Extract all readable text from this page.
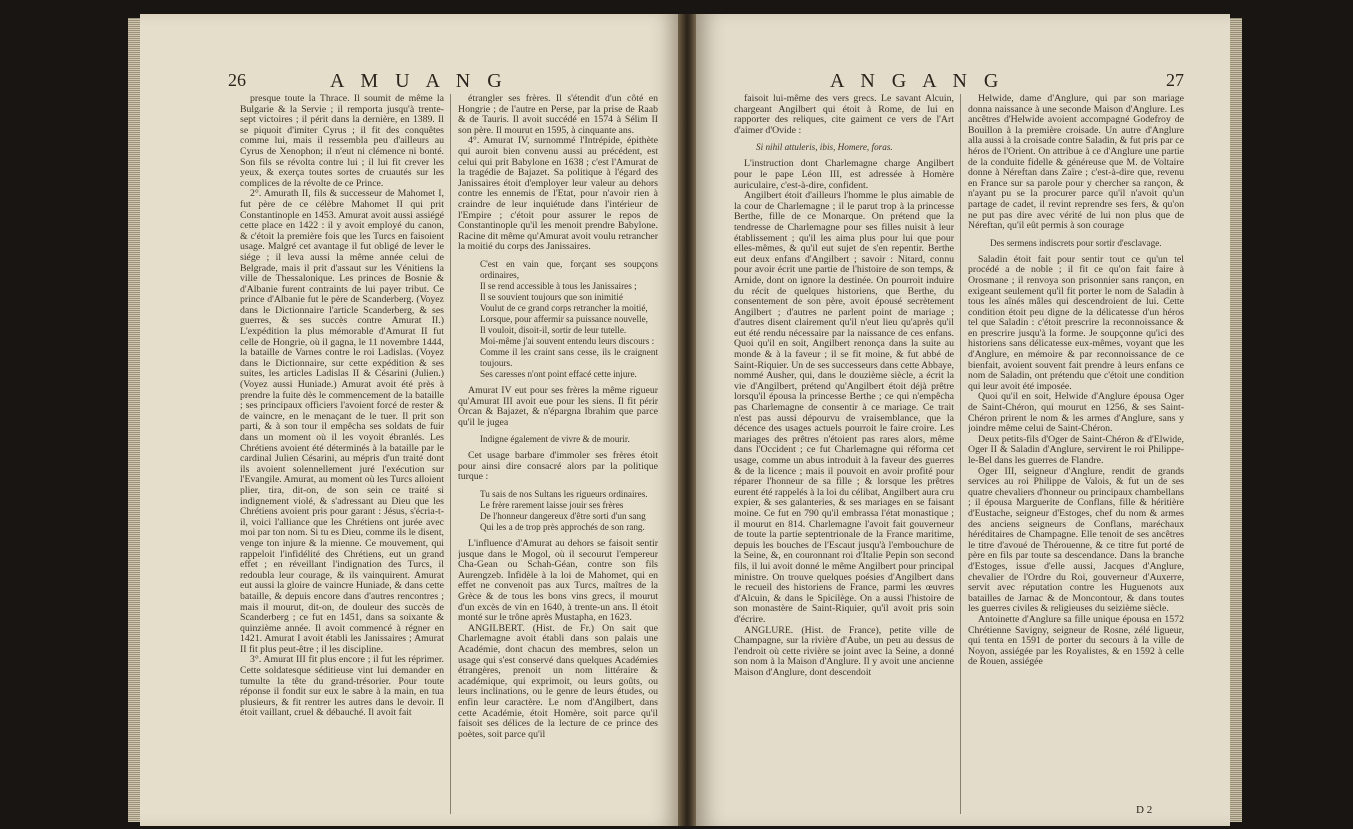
26	A M U A N G

presque toute la Thrace. Il soumit de même la Bulgarie & la Servie ; il remporta jusqu'à trente-sept victoires ; il périt dans la dernière, en 1389. Il se piquoit d'imiter Cyrus ; il fit des conquêtes comme lui, mais il ressembla peu d'ailleurs au Cyrus de Xenophon; il n'eut ni clémence ni bonté. Son fils se révolta contre lui ; il lui fit crever les yeux, & exerça toutes sortes de cruautés sur les complices de la révolte de ce Prince.

2°. Amurath II, fils & successeur de Mahomet I, fut père de ce célèbre Mahomet II qui prit Constantinople en 1453. Amurat avoit aussi assiégé cette place en 1422 : il y avoit employé du canon, & c'étoit la première fois que les Turcs en faisoient usage. Malgré cet avantage il fut obligé de lever le siége ; il leva aussi la même année celui de Belgrade, mais il prit d'assaut sur les Vénitiens la ville de Thessalonique. Les princes de Bosnie & d'Albanie furent contraints de lui payer tribut. Ce prince d'Albanie fut le père de Scanderberg. (Voyez dans le Dictionnaire l'article Scanderberg, & ses guerres, & ses succès contre Amurat II.) L'expédition la plus mémorable d'Amurat II fut celle de Hongrie, où il gagna, le 11 novembre 1444, la bataille de Varnes contre le roi Ladislas. (Voyez dans le Dictionnaire, sur cette expédition & ses suites, les articles Ladislas II & Césarini (Julien.) (Voyez aussi Huniade.) Amurat avoit été près à prendre la fuite dès le commencement de la bataille ; ses principaux officiers l'avoient forcé de rester & de vaincre, en le menaçant de le tuer. Il prit son parti, & à son tour il empêcha ses soldats de fuir dans un moment où il les voyoit ébranlés. Les Chrétiens avoient été déterminés à la bataille par le cardinal Julien Césarini, au mépris d'un traité dont ils avoient solennellement juré l'exécution sur l'Evangile. Amurat, au moment où les Turcs alloient plier, tira, dit-on, de son sein ce traité si indignement violé, & s'adressant au Dieu que les Chrétiens avoient pris pour garant : Jésus, s'écria-t-il, voici l'alliance que les Chrétiens ont jurée avec moi par ton nom. Si tu es Dieu, comme ils le disent, venge ton injure & la mienne. Ce mouvement, qui rappeloit l'infidélité des Chrétiens, eut un grand effet ; en réveillant l'indignation des Turcs, il redoubla leur courage, & ils vainquirent. Amurat eut aussi la gloire de vaincre Huniade, & dans cette bataille, & depuis encore dans d'autres rencontres ; mais il mourut, dit-on, de douleur des succès de Scanderberg ; ce fut en 1451, dans sa soixante & quinzième année. Il avoit commencé à régner en 1421. Amurat I avoit établi les Janissaires ; Amurat II fit plus peut-être ; il les discipline.

3°. Amurat III fit plus encore ; il fut les réprimer. Cette soldatesque séditieuse vint lui demander en tumulte la tête du grand-trésorier. Pour toute réponse il fondit sur eux le sabre à la main, en tua plusieurs, & fit rentrer les autres dans le devoir. Il étoit vaillant, cruel & débauché. Il avoit fait

étrangler ses frères. Il s'étendit d'un côté en Hongrie ; de l'autre en Perse, par la prise de Raab & de Tauris. Il avoit succédé en 1574 à Sélim II son père. Il mourut en 1595, à cinquante ans.

4°. Amurat IV, surnommé l'Intrépide, épithète qui auroit bien convenu aussi au précédent, est celui qui prit Babylone en 1638 ; c'est l'Amurat de la tragédie de Bajazet. Sa politique à l'égard des Janissaires étoit d'employer leur valeur au dehors contre les ennemis de l'Etat, pour n'avoir rien à craindre de leur inquiétude dans l'intérieur de l'Empire ; c'étoit pour assurer le repos de Constantinople qu'il les menoit prendre Babylone. Racine dit même qu'Amurat avoit voulu retrancher la moitié du corps des Janissaires.

C'est en vain que, forçant ses soupçons ordinaires,
Il se rend accessible à tous les Janissaires ;
Il se souvient toujours que son inimitié
Voulut de ce grand corps retrancher la moitié,
Lorsque, pour affermir sa puissance nouvelle,
Il vouloit, disoit-il, sortir de leur tutelle.
Moi-même j'ai souvent entendu leurs discours :
Comme il les craint sans cesse, ils le craignent toujours.
Ses caresses n'ont point effacé cette injure.

Amurat IV eut pour ses frères la même rigueur qu'Amurat III avoit eue pour les siens. Il fit périr Orcan & Bajazet, & n'épargna Ibrahim que parce qu'il le jugea

Indigne également de vivre & de mourir.

Cet usage barbare d'immoler ses frères étoit pour ainsi dire consacré alors par la politique turque :

Tu sais de nos Sultans les rigueurs ordinaires.
Le frère rarement laisse jouir ses frères
De l'honneur dangereux d'être sorti d'un sang
Qui les a de trop près approchés de son rang.

L'influence d'Amurat au dehors se faisoit sentir jusque dans le Mogol, où il secourut l'empereur Cha-Gean ou Schah-Géan, contre son fils Aurengzeb. Infidèle à la loi de Mahomet, qui en effet ne convenoit pas aux Turcs, maîtres de la Grèce & de tous les bons vins grecs, il mourut d'un excès de vin en 1640, à trente-un ans. Il étoit monté sur le trône après Mustapha, en 1623.

ANGILBERT. (Hist. de Fr.) On sait que Charlemagne avoit établi dans son palais une Académie, dont chacun des membres, selon un usage qui s'est conservé dans quelques Académies étrangères, prenoit un nom littéraire & académique, qui exprimoit, ou leurs goûts, ou leurs inclinations, ou le genre de leurs études, ou enfin leur caractère. Le nom d'Angilbert, dans cette Académie, étoit Homère, soit parce qu'il faisoit ses délices de la lecture de ce prince des poètes, soit parce qu'il

A N G A N G	27

faisoit lui-même des vers grecs. Le savant Alcuin, chargeant Angilbert qui étoit à Rome, de lui en rapporter des reliques, cite gaiment ce vers de l'Art d'aimer d'Ovide :

Si nihil attuleris, ibis, Homere, foras.

L'instruction dont Charlemagne charge Angilbert pour le pape Léon III, est adressée à Homère auriculaire, c'est-à-dire, confident.

Angilbert étoit d'ailleurs l'homme le plus aimable de la cour de Charlemagne ; il le parut trop à la princesse Berthe, fille de ce Monarque. On prétend que la tendresse de Charlemagne pour ses filles nuisit à leur établissement ; qu'il les aima plus pour lui que pour elles-mêmes, & qu'il eut sujet de s'en repentir. Berthe eut deux enfans d'Angilbert ; savoir : Nitard, connu pour avoir écrit une partie de l'histoire de son temps, & Arnide, dont on ignore la destinée. On pourroit induire du récit de quelques historiens, que Berthe, du consentement de son père, avoit épousé secrètement Angilbert ; d'autres ne parlent point de mariage ; d'autres disent clairement qu'il n'eut lieu qu'après qu'il eut été rendu nécessaire par la naissance de ces enfans. Quoi qu'il en soit, Angilbert renonça dans la suite au monde & à la faveur ; il se fit moine, & fut abbé de Saint-Riquier. Un de ses successeurs dans cette Abbaye, nommé Ausher, qui, dans le douzième siècle, a écrit la vie d'Angilbert, prétend qu'Angilbert étoit déjà prêtre lorsqu'il épousa la princesse Berthe ; ce qui n'empêcha pas Charlemagne de consentir à ce mariage. Ce trait n'est pas aussi dépourvu de vraisemblance, que la décence des usages actuels pourroit le faire croire. Les mariages des prêtres n'étoient pas rares alors, même dans l'Occident ; ce fut Charlemagne qui réforma cet usage, comme un abus introduit à la faveur des guerres & de la licence ; mais il pouvoit en avoir profité pour réparer l'honneur de sa fille ; & lorsque les prêtres eurent été rappelés à la loi du célibat, Angilbert aura cru expier, & ses galanteries, & ses mariages en se faisant moine. Ce fut en 790 qu'il embrassa l'état monastique ; il mourut en 814. Charlemagne l'avoit fait gouverneur de toute la partie septentrionale de la France maritime, depuis les bouches de l'Escaut jusqu'à l'embouchure de la Seine, &, en couronnant roi d'Italie Pepin son second fils, il lui avoit donné le même Angilbert pour principal ministre. On trouve quelques poésies d'Angilbert dans le recueil des historiens de France, parmi les œuvres d'Alcuin, & dans le Spicilège. On a aussi l'histoire de son monastère de Saint-Riquier, qu'il avoit pris soin d'écrire.

ANGLURE. (Hist. de France), petite ville de Champagne, sur la rivière d'Aube, un peu au dessus de l'endroit où cette rivière se joint avec la Seine, a donné son nom à la Maison d'Anglure. Il y avoit une ancienne Maison d'Anglure, dont descendoit

Helwide, dame d'Anglure, qui par son mariage donna naissance à une seconde Maison d'Anglure. Les ancêtres d'Helwide avoient accompagné Godefroy de Bouillon à la première croisade. Un autre d'Anglure alla aussi à la croisade contre Saladin, & fut pris par ce héros de l'Orient. On attribue à ce d'Anglure une partie de la conduite fidelle & généreuse que M. de Voltaire donne à Néreftan dans Zaïre ; c'est-à-dire que, revenu en France sur sa parole pour y chercher sa rançon, & n'ayant pu se la procurer parce qu'il n'avoit qu'un partage de cadet, il revint reprendre ses fers, & qu'on ne put pas dire avec vérité de lui non plus que de Néreftan, qu'il eût permis à son courage

Des sermens indiscrets pour sortir d'esclavage.

Saladin étoit fait pour sentir tout ce qu'un tel procédé a de noble ; il fit ce qu'on fait faire à Orosmane ; il renvoya son prisonnier sans rançon, en exigeant seulement qu'il fit porter le nom de Saladin à tous les aînés mâles qui descendroient de lui. Cette condition étoit peu digne de la délicatesse d'un héros tel que Saladin : c'étoit prescrire la reconnoissance & en prescrire jusqu'à la forme. Je soupçonne qu'ici des historiens sans délicatesse eux-mêmes, voyant que les d'Anglure, en mémoire & par reconnoissance de ce bienfait, avoient souvent fait prendre à leurs enfans ce nom de Saladin, ont prétendu que c'étoit une condition qui leur avoit été imposée.

Quoi qu'il en soit, Helwide d'Anglure épousa Oger de Saint-Chéron, qui mourut en 1256, & ses Saint-Chéron prirent le nom & les armes d'Anglure, sans y joindre même celui de Saint-Chéron.

Deux petits-fils d'Oger de Saint-Chéron & d'Elwide, Oger II & Saladin d'Anglure, servirent le roi Philippe-le-Bel dans les guerres de Flandre.

Oger III, seigneur d'Anglure, rendit de grands services au roi Philippe de Valois, & fut un de ses quatre chevaliers d'honneur ou principaux chambellans ; il épousa Marguerite de Conflans, fille & héritière d'Eustache, seigneur d'Estoges, chef du nom & armes des anciens seigneurs de Conflans, maréchaux héréditaires de Champagne. Elle tenoit de ses ancêtres le titre d'avoué de Thérouenne, & ce titre fut porté de père en fils par toute sa descendance. Dans la branche d'Estoges, issue d'elle aussi, Jacques d'Anglure, chevalier de l'Ordre du Roi, gouverneur d'Auxerre, servit avec réputation contre les Huguenots aux batailles de Jarnac & de Moncontour, & dans toutes les guerres civiles & religieuses du seizième siècle.

Antoinette d'Anglure sa fille unique épousa en 1572 Chrétienne Savigny, seigneur de Rosne, zélé ligueur, qui tenta en 1591 de porter du secours à la ville de Noyon, assiégée par les Royalistes, & en 1592 à celle de Rouen, assiégée

D 2
